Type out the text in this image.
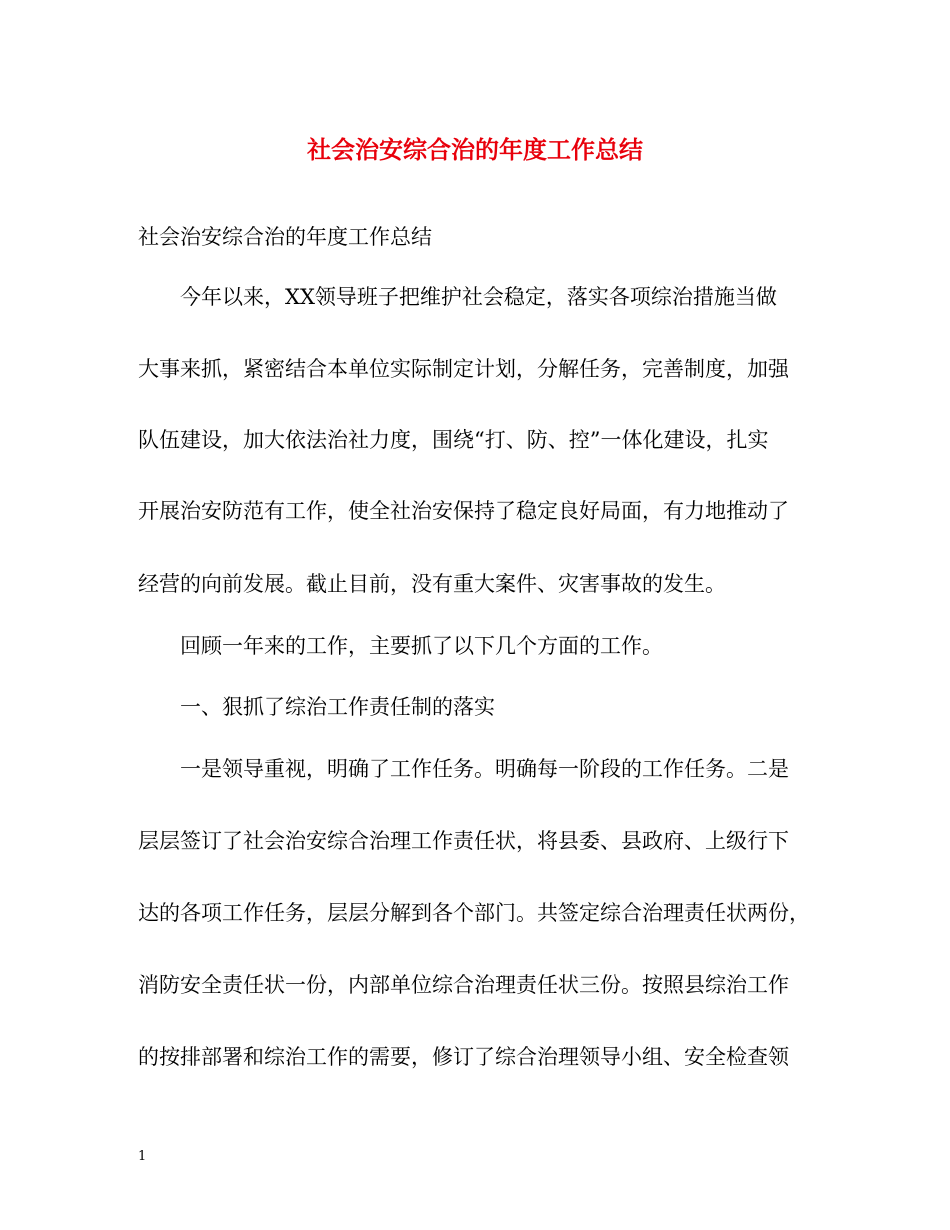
社会治安综合治的年度工作总结

社会治安综合治的年度工作总结

今年以来，XX领导班子把维护社会稳定，落实各项综治措施当做

大事来抓，紧密结合本单位实际制定计划，分解任务，完善制度，加强

队伍建设，加大依法治社力度，围绕“打、防、控”一体化建设，扎实

开展治安防范有工作，使全社治安保持了稳定良好局面，有力地推动了

经营的向前发展。截止目前，没有重大案件、灾害事故的发生。

回顾一年来的工作，主要抓了以下几个方面的工作。

一、狠抓了综治工作责任制的落实

一是领导重视，明确了工作任务。明确每一阶段的工作任务。二是

层层签订了社会治安综合治理工作责任状，将县委、县政府、上级行下

达的各项工作任务，层层分解到各个部门。共签定综合治理责任状两份，

消防安全责任状一份，内部单位综合治理责任状三份。按照县综治工作

的按排部署和综治工作的需要，修订了综合治理领导小组、安全检查领

1
